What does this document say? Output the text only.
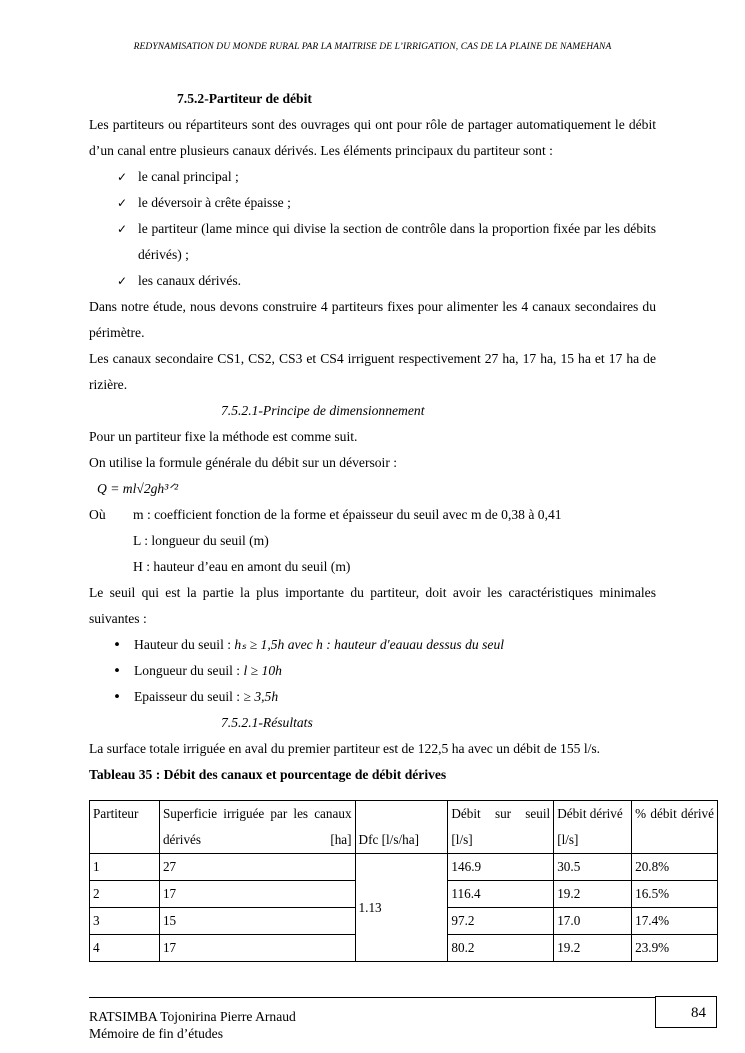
REDYNAMISATION DU MONDE RURAL PAR LA MAITRISE DE L’IRRIGATION, CAS DE LA PLAINE DE NAMEHANA

7.5.2-Partiteur de débit

Les partiteurs ou répartiteurs sont des ouvrages qui ont pour rôle de partager automatiquement le débit d’un canal entre plusieurs canaux dérivés. Les éléments principaux du partiteur sont :

✓ le canal principal ;
✓ le déversoir à crête épaisse ;
✓ le partiteur (lame mince qui divise la section de contrôle dans la proportion fixée par les débits dérivés) ;
✓ les canaux dérivés.

Dans notre étude, nous devons construire 4 partiteurs fixes pour alimenter les 4 canaux secondaires du périmètre.

Les canaux secondaire CS1, CS2, CS3 et CS4 irriguent respectivement 27 ha, 17 ha, 15 ha et 17 ha de rizière.

7.5.2.1-Principe de dimensionnement

Pour un partiteur fixe la méthode est comme suit.

On utilise la formule générale du débit sur un déversoir :

Q = ml√2gh³ᐟ²

Où	m : coefficient fonction de la forme et épaisseur du seuil avec m de 0,38 à 0,41

L : longueur du seuil (m)

H : hauteur d’eau en amont du seuil (m)

Le seuil qui est la partie la plus importante du partiteur, doit avoir les caractéristiques minimales suivantes :

• Hauteur du seuil : hₛ ≥ 1,5h avec h : hauteur d′eauau dessus du seul
• Longueur du seuil : l ≥ 10h
• Epaisseur du seuil : ≥ 3,5h

7.5.2.1-Résultats

La surface totale irriguée en aval du premier partiteur est de 122,5 ha avec un débit de 155 l/s.

Tableau 35 : Débit des canaux et pourcentage de débit dérives

Partiteur	Superficie irriguée par les canaux dérivés [ha]	Dfc [l/s/ha]	Débit sur seuil [l/s]	Débit dérivé [l/s]	% débit dérivé
1	27	1.13	146.9	30.5	20.8%
2	17		116.4	19.2	16.5%
3	15		97.2	17.0	17.4%
4	17		80.2	19.2	23.9%
RATSIMBA Tojonirina Pierre Arnaud
Mémoire de fin d’études
84
